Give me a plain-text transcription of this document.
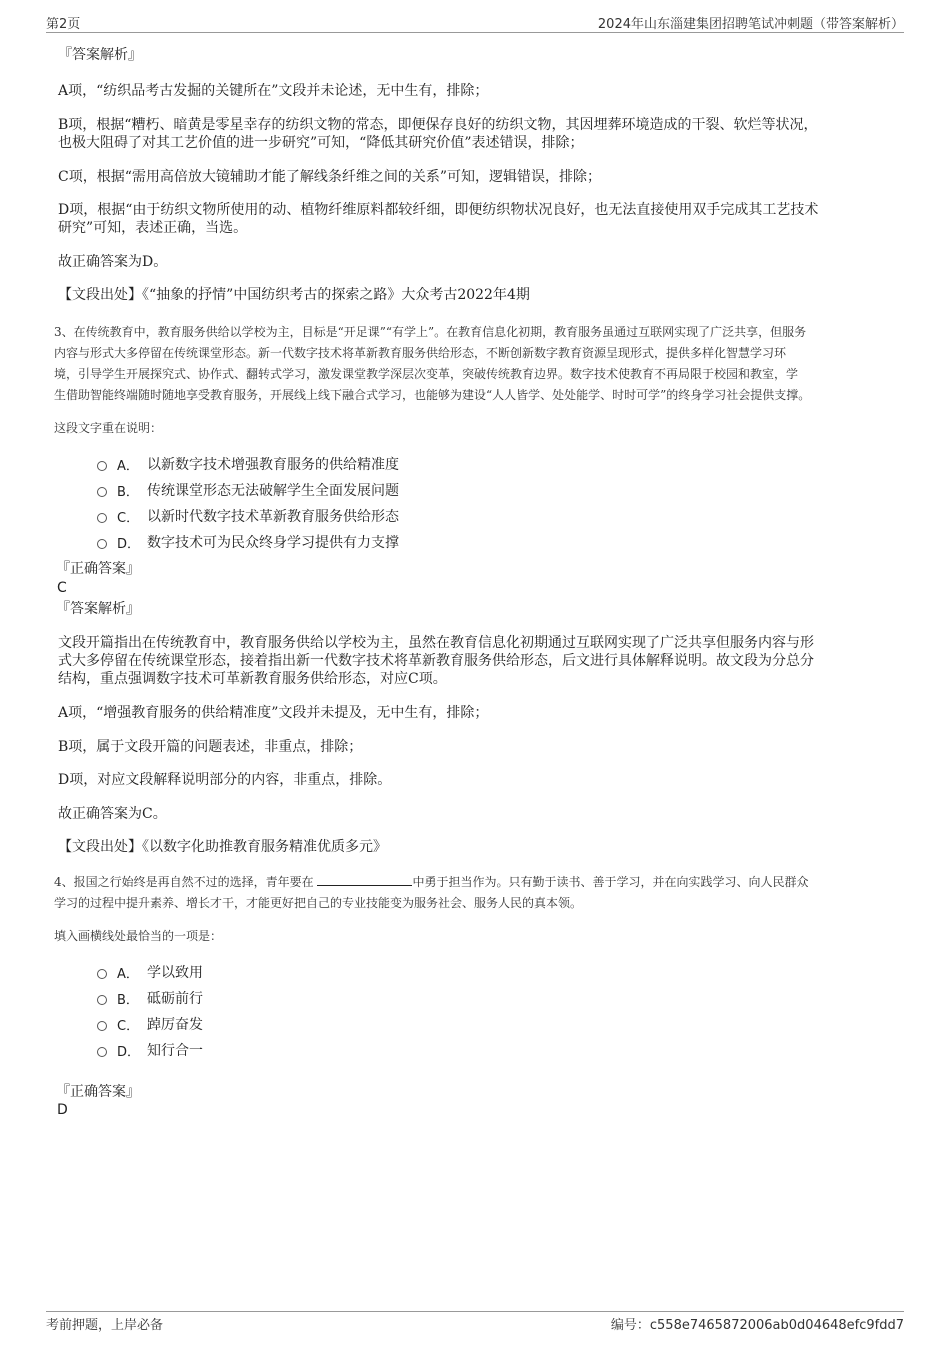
第2页	2024年山东淄建集团招聘笔试冲刺题（带答案解析）
『答案解析』
A项，“纺织品考古发掘的关键所在”文段并未论述，无中生有，排除；
B项，根据“糟朽、暗黄是零星幸存的纺织文物的常态，即便保存良好的纺织文物，其因埋葬环境造成的干裂、软烂等状况，
也极大阻碍了对其工艺价值的进一步研究”可知，“降低其研究价值”表述错误，排除；
C项，根据“需用高倍放大镜辅助才能了解线条纤维之间的关系”可知，逻辑错误，排除；
D项，根据“由于纺织文物所使用的动、植物纤维原料都较纤细，即便纺织物状况良好，也无法直接使用双手完成其工艺技术
研究”可知，表述正确，当选。
故正确答案为D。
【文段出处】《“抽象的抒情”中国纺织考古的探索之路》大众考古2022年4期
3、在传统教育中，教育服务供给以学校为主，目标是“开足课”“有学上”。在教育信息化初期，教育服务虽通过互联网实现了广泛共享，但服务
内容与形式大多停留在传统课堂形态。新一代数字技术将革新教育服务供给形态，不断创新数字教育资源呈现形式，提供多样化智慧学习环
境，引导学生开展探究式、协作式、翻转式学习，激发课堂教学深层次变革，突破传统教育边界。数字技术使教育不再局限于校园和教室，学
生借助智能终端随时随地享受教育服务，开展线上线下融合式学习，也能够为建设“人人皆学、处处能学、时时可学”的终身学习社会提供支撑。
这段文字重在说明：
A． 以新数字技术增强教育服务的供给精准度
B． 传统课堂形态无法破解学生全面发展问题
C． 以新时代数字技术革新教育服务供给形态
D． 数字技术可为民众终身学习提供有力支撑
『正确答案』
C
『答案解析』
文段开篇指出在传统教育中，教育服务供给以学校为主，虽然在教育信息化初期通过互联网实现了广泛共享但服务内容与形
式大多停留在传统课堂形态，接着指出新一代数字技术将革新教育服务供给形态，后文进行具体解释说明。故文段为分总分
结构，重点强调数字技术可革新教育服务供给形态，对应C项。
A项，“增强教育服务的供给精准度”文段并未提及，无中生有，排除；
B项，属于文段开篇的问题表述，非重点，排除；
D项，对应文段解释说明部分的内容，非重点，排除。
故正确答案为C。
【文段出处】《以数字化助推教育服务精准优质多元》
4、报国之行始终是再自然不过的选择，青年要在	中勇于担当作为。只有勤于读书、善于学习，并在向实践学习、向人民群众
学习的过程中提升素养、增长才干，才能更好把自己的专业技能变为服务社会、服务人民的真本领。
填入画横线处最恰当的一项是：
A． 学以致用
B． 砥砺前行
C． 踔厉奋发
D． 知行合一
『正确答案』
D
考前押题，上岸必备	编号：c558e7465872006ab0d04648efc9fdd7
